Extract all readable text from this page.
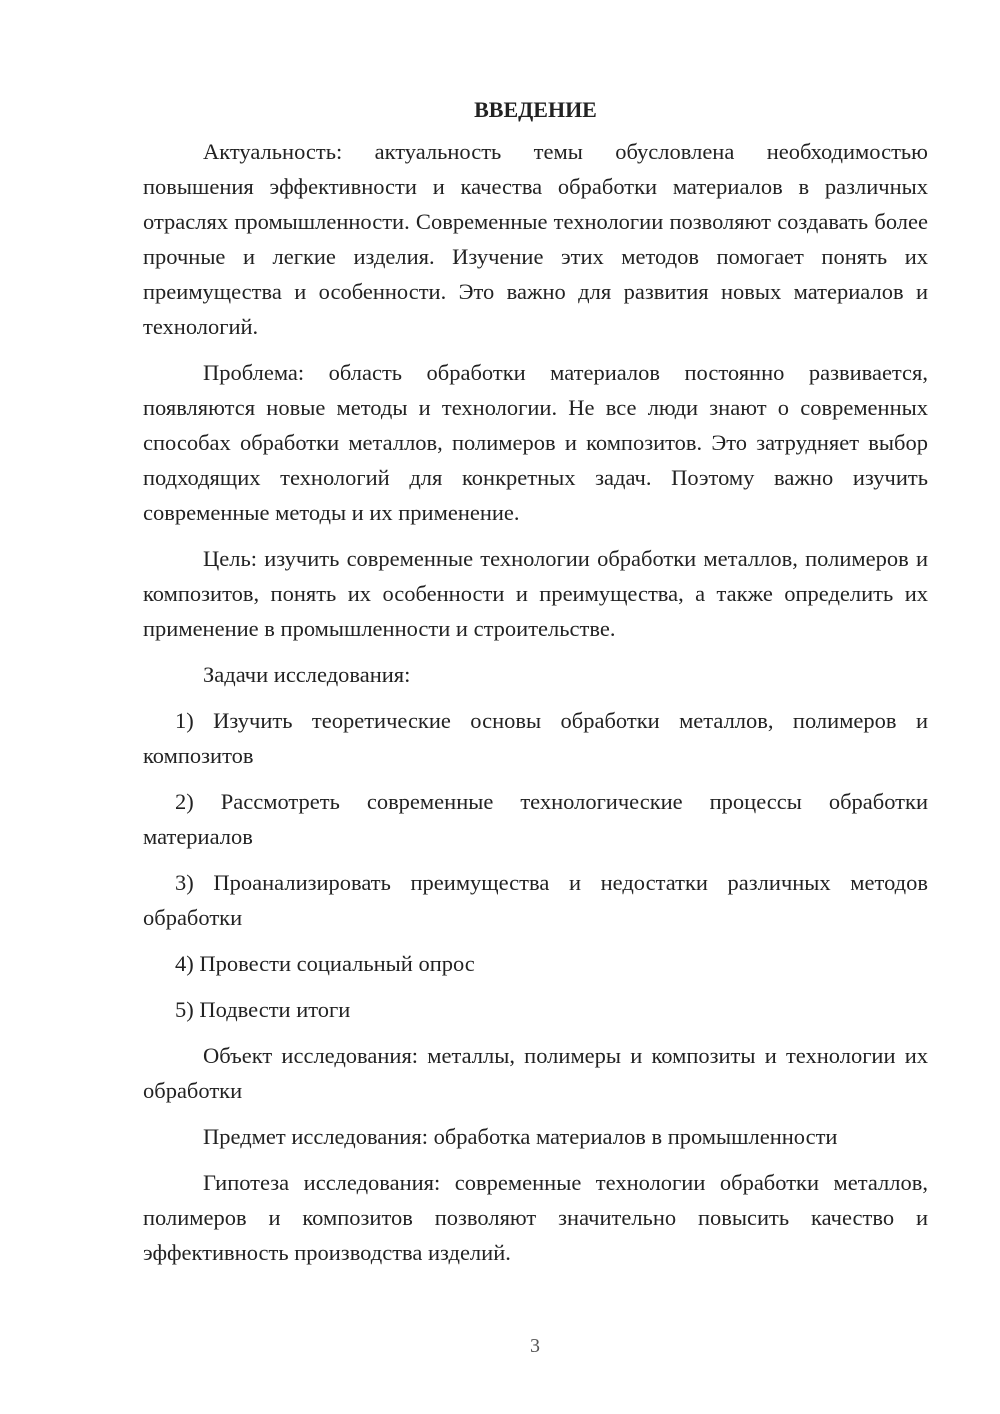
ВВЕДЕНИЕ

Актуальность: актуальность темы обусловлена необходимостью повышения эффективности и качества обработки материалов в различных отраслях промышленности. Современные технологии позволяют создавать более прочные и легкие изделия. Изучение этих методов помогает понять их преимущества и особенности. Это важно для развития новых материалов и технологий.

Проблема: область обработки материалов постоянно развивается, появляются новые методы и технологии. Не все люди знают о современных способах обработки металлов, полимеров и композитов. Это затрудняет выбор подходящих технологий для конкретных задач. Поэтому важно изучить современные методы и их применение.

Цель: изучить современные технологии обработки металлов, полимеров и композитов, понять их особенности и преимущества, а также определить их применение в промышленности и строительстве.

Задачи исследования:

1) Изучить теоретические основы обработки металлов, полимеров и композитов

2) Рассмотреть современные технологические процессы обработки материалов

3) Проанализировать преимущества и недостатки различных методов обработки

4) Провести социальный опрос

5) Подвести итоги

Объект исследования: металлы, полимеры и композиты и технологии их обработки

Предмет исследования: обработка материалов в промышленности

Гипотеза исследования: современные технологии обработки металлов, полимеров и композитов позволяют значительно повысить качество и эффективность производства изделий.

3
